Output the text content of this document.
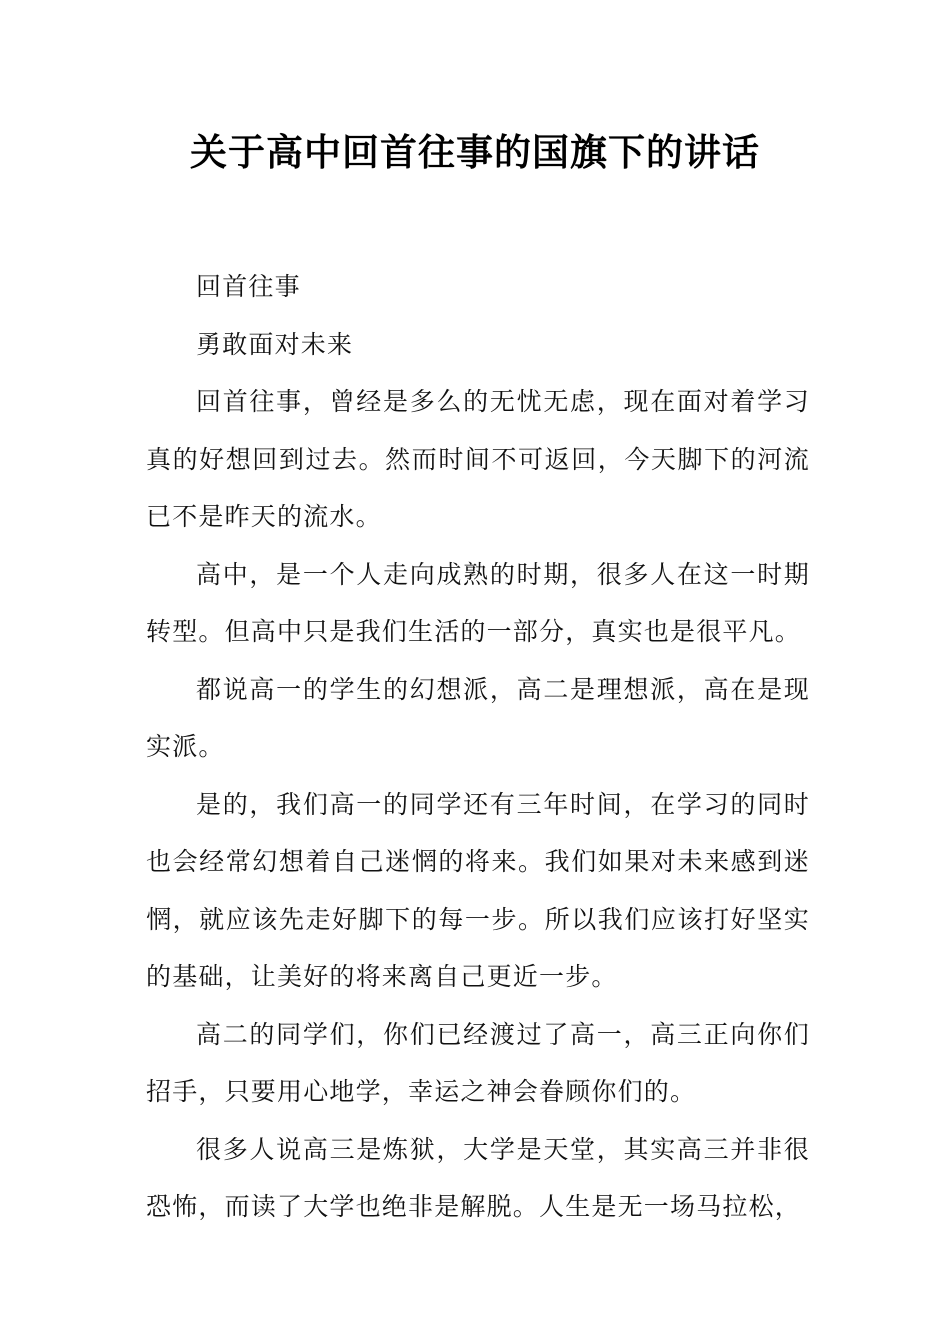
关于高中回首往事的国旗下的讲话

回首往事

勇敢面对未来

回首往事，曾经是多么的无忧无虑，现在面对着学习真的好想回到过去。然而时间不可返回，今天脚下的河流已不是昨天的流水。

高中，是一个人走向成熟的时期，很多人在这一时期转型。但高中只是我们生活的一部分，真实也是很平凡。

都说高一的学生的幻想派，高二是理想派，高在是现实派。

是的，我们高一的同学还有三年时间，在学习的同时也会经常幻想着自己迷惘的将来。我们如果对未来感到迷惘，就应该先走好脚下的每一步。所以我们应该打好坚实的基础，让美好的将来离自己更近一步。

高二的同学们，你们已经渡过了高一，高三正向你们招手，只要用心地学，幸运之神会眷顾你们的。

很多人说高三是炼狱，大学是天堂，其实高三并非很恐怖，而读了大学也绝非是解脱。人生是无一场马拉松，
